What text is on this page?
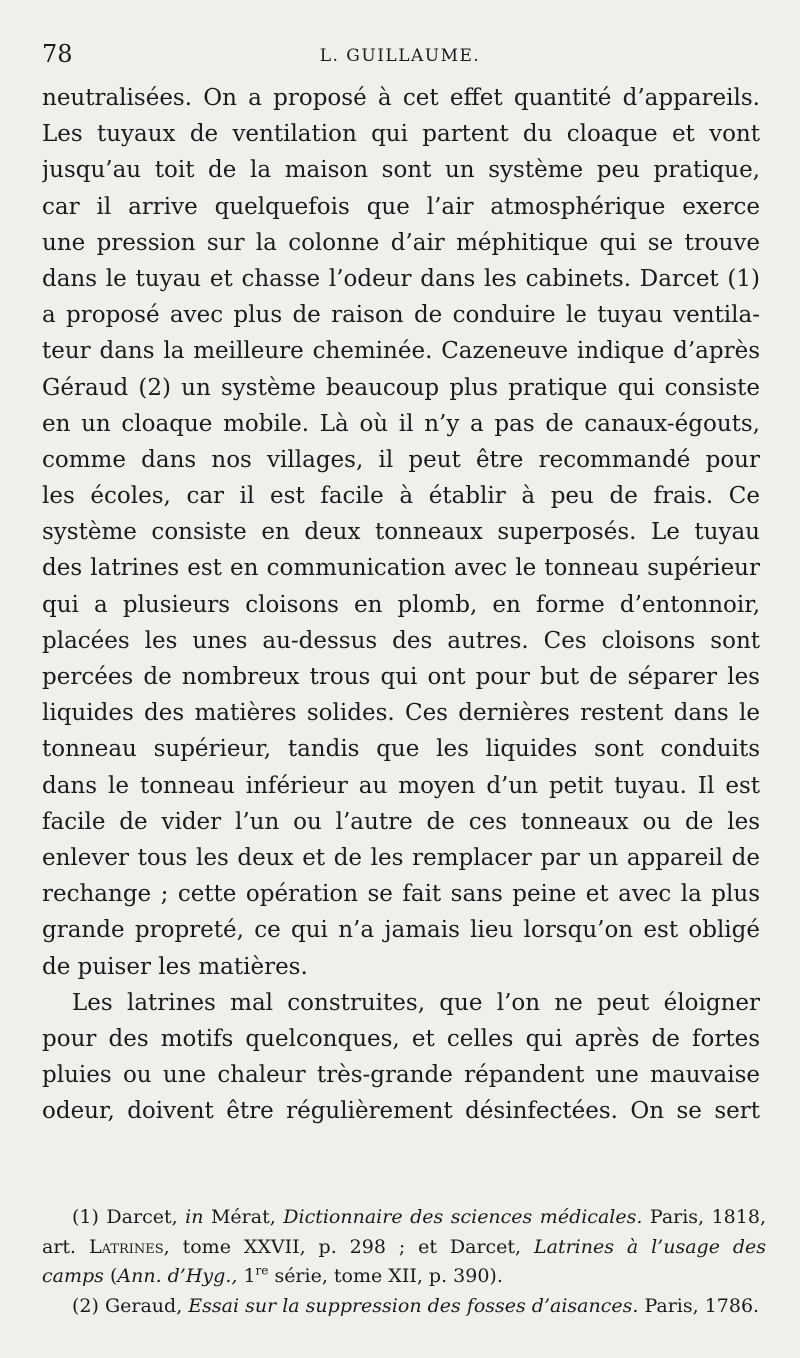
78	L. GUILLAUME.
neutralisées. On a proposé à cet effet quantité d’appareils.
Les tuyaux de ventilation qui partent du cloaque et vont
jusqu’au toit de la maison sont un système peu pratique,
car il arrive quelquefois que l’air atmosphérique exerce
une pression sur la colonne d’air méphitique qui se trouve
dans le tuyau et chasse l’odeur dans les cabinets. Darcet (1)
a proposé avec plus de raison de conduire le tuyau ventila-
teur dans la meilleure cheminée. Cazeneuve indique d’après
Géraud (2) un système beaucoup plus pratique qui consiste
en un cloaque mobile. Là où il n’y a pas de canaux-égouts,
comme dans nos villages, il peut être recommandé pour
les écoles, car il est facile à établir à peu de frais. Ce
système consiste en deux tonneaux superposés. Le tuyau
des latrines est en communication avec le tonneau supérieur
qui a plusieurs cloisons en plomb, en forme d’entonnoir,
placées les unes au-dessus des autres. Ces cloisons sont
percées de nombreux trous qui ont pour but de séparer les
liquides des matières solides. Ces dernières restent dans le
tonneau supérieur, tandis que les liquides sont conduits
dans le tonneau inférieur au moyen d’un petit tuyau. Il est
facile de vider l’un ou l’autre de ces tonneaux ou de les
enlever tous les deux et de les remplacer par un appareil de
rechange ; cette opération se fait sans peine et avec la plus
grande propreté, ce qui n’a jamais lieu lorsqu’on est obligé
de puiser les matières.
Les latrines mal construites, que l’on ne peut éloigner
pour des motifs quelconques, et celles qui après de fortes
pluies ou une chaleur très-grande répandent une mauvaise
odeur, doivent être régulièrement désinfectées. On se sert
(1) Darcet, in Mérat, Dictionnaire des sciences médicales. Paris, 1818,
art. Latrines, tome XXVII, p. 298 ; et Darcet, Latrines à l’usage des
camps (Ann. d’Hyg., 1re série, tome XII, p. 390).
(2) Geraud, Essai sur la suppression des fosses d’aisances. Paris, 1786.
